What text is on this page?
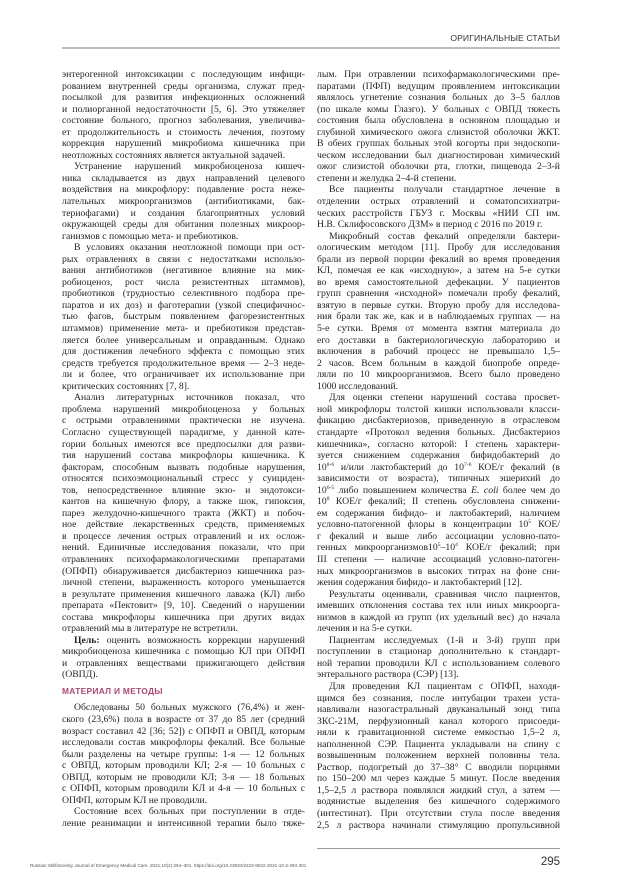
ОРИГИНАЛЬНЫЕ СТАТЬИ
энтерогенной интоксикации с последующим инфици-
рованием внутренней среды организма, служат пред-
посылкой для развития инфекционных осложнений
и полиорганной недостаточности [5, 6]. Это утяжеляет
состояние больного, прогноз заболевания, увеличива-
ет продолжительность и стоимость лечения, поэтому
коррекция нарушений микробиома кишечника при
неотложных состояниях является актуальной задачей.
Устранение нарушений микробиоценоза кишеч-
ника складывается из двух направлений целевого
воздействия на микрофлору: подавление роста нежe-
лательных микроорганизмов (антибиотиками, бак-
териофагами) и создания благоприятных условий
окружающей среды для обитания полезных микроор-
ганизмов с помощью мета- и пребиотиков.
В условиях оказания неотложной помощи при ост-
рых отравлениях в связи с недостатками использо-
вания антибиотиков (негативное влияние на мик-
робиоценоз, рост числа резистентных штаммов),
пробиотиков (трудностью селективного подбора пре-
паратов и их доз) и фаготерапии (узкой специфичнос-
тью фагов, быстрым появлением фагорезистентных
штаммов) применение мета- и пребиотиков представ-
ляется более универсальным и оправданным. Однако
для достижения лечебного эффекта с помощью этих
средств требуется продолжительное время — 2–3 неде-
ли и более, что ограничивает их использование при
критических состояниях [7, 8].
Анализ литературных источников показал, что
проблема нарушений микробиоценоза у больных
с острыми отравлениями практически не изучена.
Согласно существующей парадигме, у данной кате-
гории больных имеются все предпосылки для разви-
тия нарушений состава микрофлоры кишечника. К
факторам, способным вызвать подобные нарушения,
относятся психоэмоциональный стресс у суициден-
тов, непосредственное влияние экзо- и эндотокси-
кантов на кишечную флору, а также шок, гипоксия,
парез желудочно-кишечного тракта (ЖКТ) и побоч-
ное действие лекарственных средств, применяемых
в процессе лечения острых отравлений и их ослож-
нений. Единичные исследования показали, что при
отравлениях психофармакологическими препаратами
(ОПФП) обнаруживается дисбактериоз кишечника раз-
личной степени, выраженность которого уменьшается
в результате применения кишечного лаважа (КЛ) либо
препарата «Пектовит» [9, 10]. Сведений о нарушении
состава микрофлоры кишечника при других видах
отравлений мы в литературе не встретили.
Цель: оценить возможность коррекции нарушений
микробиоценоза кишечника с помощью КЛ при ОПФП
и отравлениях веществами прижигающего действия
(ОВПД).
МАТЕРИАЛ И МЕТОДЫ
Обследованы 50 больных мужского (76,4%) и жен-
ского (23,6%) пола в возрасте от 37 до 85 лет (средний
возраст составил 42 [36; 52]) с ОПФП и ОВПД, которым
исследовали состав микрофлоры фекалий. Все больные
были разделены на четыре группы: 1-я — 12 больных
с ОВПД, которым проводили КЛ; 2-я — 10 больных с
ОВПД, которым не проводили КЛ; 3-я — 18 больных
с ОПФП, которым проводили КЛ и 4-я — 10 больных с
ОПФП, которым КЛ не проводили.
Состояние всех больных при поступлении в отде-
ление реанимации и интенсивной терапии было тяже-
лым. При отравлении психофармакологическими пре-
паратами (ПФП) ведущим проявлением интоксикации
являлось угнетение сознания больных до 3–5 баллов
(по шкале комы Глазго). У больных с ОВПД тяжесть
состояния была обусловлена в основном площадью и
глубиной химического ожога слизистой оболочки ЖКТ.
В обеих группах больных этой когорты при эндоскопи-
ческом исследовании был диагностирован химический
ожог слизистой оболочки рта, глотки, пищевода 2–3-й
степени и желудка 2–4-й степени.
Все пациенты получали стандартное лечение в
отделении острых отравлений и соматопсихиатри-
ческих расстройств ГБУЗ г. Москвы «НИИ СП им.
Н.В. Склифосовского ДЗМ» в период с 2016 по 2019 г.
Микробный состав фекалий определяли бактери-
ологическим методом [11]. Пробу для исследования
брали из первой порции фекалий во время проведения
КЛ, помечая ее как «исходную», а затем на 5-е сутки
во время самостоятельной дефекации. У пациентов
групп сравнения «исходной» помечали пробу фекалий,
взятую в первые сутки. Вторую пробу для исследова-
ния брали так же, как и в наблюдаемых группах — на
5-е сутки. Время от момента взятия материала до
его доставки в бактериологическую лабораторию и
включения в рабочий процесс не превышало 1,5–
2 часов. Всем больным в каждой биопробе опреде-
ляли по 10 микроорганизмов. Всего было проведено
1000 исследований.
Для оценки степени нарушений состава просвет-
ной микрофлоры толстой кишки использовали класси-
фикацию дисбактериозов, приведенную в отраслевом
стандарте «Протокол ведения больных. Дисбактериоз
кишечника», согласно которой: I степень характери-
зуется снижением содержания бифидобактерий до
10$^{8-6}$ и/или лактобактерий до 10$^{7-6}$ КОЕ/г фекалий (в
зависимости от возраста), типичных эшерихий до
10$^{6-5}$ либо повышением количества E. coli более чем до
$10^8$ КОЕ/г фекалий; II степень обусловлена снижени-
ем содержания бифидо- и лактобактерий, наличием
условно-патогенной флоры в концентрации $10^5$ КОЕ/
г фекалий и выше либо ассоциации условно-пато-
генных $микроорганизмов10^5-10^4$ КОЕ/г фекалий; при
III степени — наличие ассоциаций условно-патоген-
ных микроорганизмов в высоких титрах на фоне сни-
жения содержания бифидо- и лактобактерий [12].
Результаты оценивали, сравнивая число пациентов,
имевших отклонения состава тех или иных микроорга-
низмов в каждой из групп (их удельный вес) до начала
лечения и на 5-е сутки.
Пациентам исследуемых (1-й и 3-й) групп при
поступлении в стационар дополнительно к стандарт-
ной терапии проводили КЛ с использованием солевого
энтерального раствора (СЭР) [13].
Для проведения КЛ пациентам с ОПФП, находя-
щимся без сознания, после интубации трахеи уста-
навливали назогастральный двуканальный зонд типа
ЗКС-21М, перфузионный канал которого присоеди-
няли к гравитационной системе емкостью 1,5–2 л,
наполненной СЭР. Пациента укладывали на спину с
возвышенным положением верхней половины тела.
Раствор, подогретый до 37–38° С вводили порциями
по 150–200 мл через каждые 5 минут. После введения
1,5–2,5 л раствора появлялся жидкий стул, а затем —
водянистые выделения без кишечного содержимого
(интестинат). При отсутствии стула после введения
2,5 л раствора начинали стимуляцию пропульсивной
Russian Sklifosovsky Journal of Emergency Medical Care. 2021;10(2):294–301. https://doi.org/10.23934/2223-9022-2021-10-2-294-301	295
